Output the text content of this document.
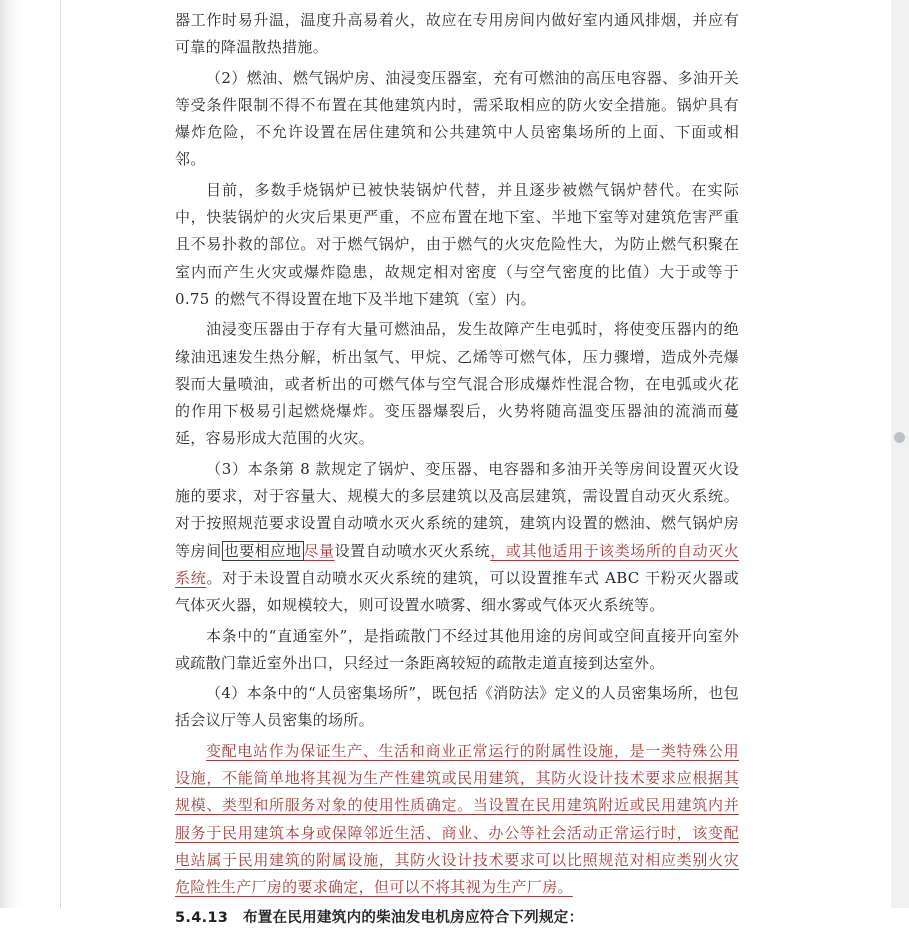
器工作时易升温，温度升高易着火，故应在专用房间内做好室内通风排烟，并应有可靠的降温散热措施。

（2）燃油、燃气锅炉房、油浸变压器室，充有可燃油的高压电容器、多油开关等受条件限制不得不布置在其他建筑内时，需采取相应的防火安全措施。锅炉具有爆炸危险，不允许设置在居住建筑和公共建筑中人员密集场所的上面、下面或相邻。

目前，多数手烧锅炉已被快装锅炉代替，并且逐步被燃气锅炉替代。在实际中，快装锅炉的火灾后果更严重，不应布置在地下室、半地下室等对建筑危害严重且不易扑救的部位。对于燃气锅炉，由于燃气的火灾危险性大，为防止燃气积聚在室内而产生火灾或爆炸隐患，故规定相对密度（与空气密度的比值）大于或等于 0.75 的燃气不得设置在地下及半地下建筑（室）内。

油浸变压器由于存有大量可燃油品，发生故障产生电弧时，将使变压器内的绝缘油迅速发生热分解，析出氢气、甲烷、乙烯等可燃气体，压力骤增，造成外壳爆裂而大量喷油，或者析出的可燃气体与空气混合形成爆炸性混合物，在电弧或火花的作用下极易引起燃烧爆炸。变压器爆裂后，火势将随高温变压器油的流淌而蔓延，容易形成大范围的火灾。

（3）本条第 8 款规定了锅炉、变压器、电容器和多油开关等房间设置灭火设施的要求，对于容量大、规模大的多层建筑以及高层建筑，需设置自动灭火系统。对于按照规范要求设置自动喷水灭火系统的建筑，建筑内设置的燃油、燃气锅炉房等房间 也要相应地 尽量设置自动喷水灭火系统，或其他适用于该类场所的自动灭火系统。对于未设置自动喷水灭火系统的建筑，可以设置推车式 ABC 干粉灭火器或气体灭火器，如规模较大，则可设置水喷雾、细水雾或气体灭火系统等。

本条中的“直通室外”，是指疏散门不经过其他用途的房间或空间直接开向室外或疏散门靠近室外出口，只经过一条距离较短的疏散走道直接到达室外。

（4）本条中的“人员密集场所”，既包括《消防法》定义的人员密集场所，也包括会议厅等人员密集的场所。

变配电站作为保证生产、生活和商业正常运行的附属性设施，是一类特殊公用设施，不能简单地将其视为生产性建筑或民用建筑，其防火设计技术要求应根据其规模、类型和所服务对象的使用性质确定。当设置在民用建筑附近或民用建筑内并服务于民用建筑本身或保障邻近生活、商业、办公等社会活动正常运行时，该变配电站属于民用建筑的附属设施，其防火设计技术要求可以比照规范对相应类别火灾危险性生产厂房的要求确定，但可以不将其视为生产厂房。

5.4.13　布置在民用建筑内的柴油发电机房应符合下列规定：
